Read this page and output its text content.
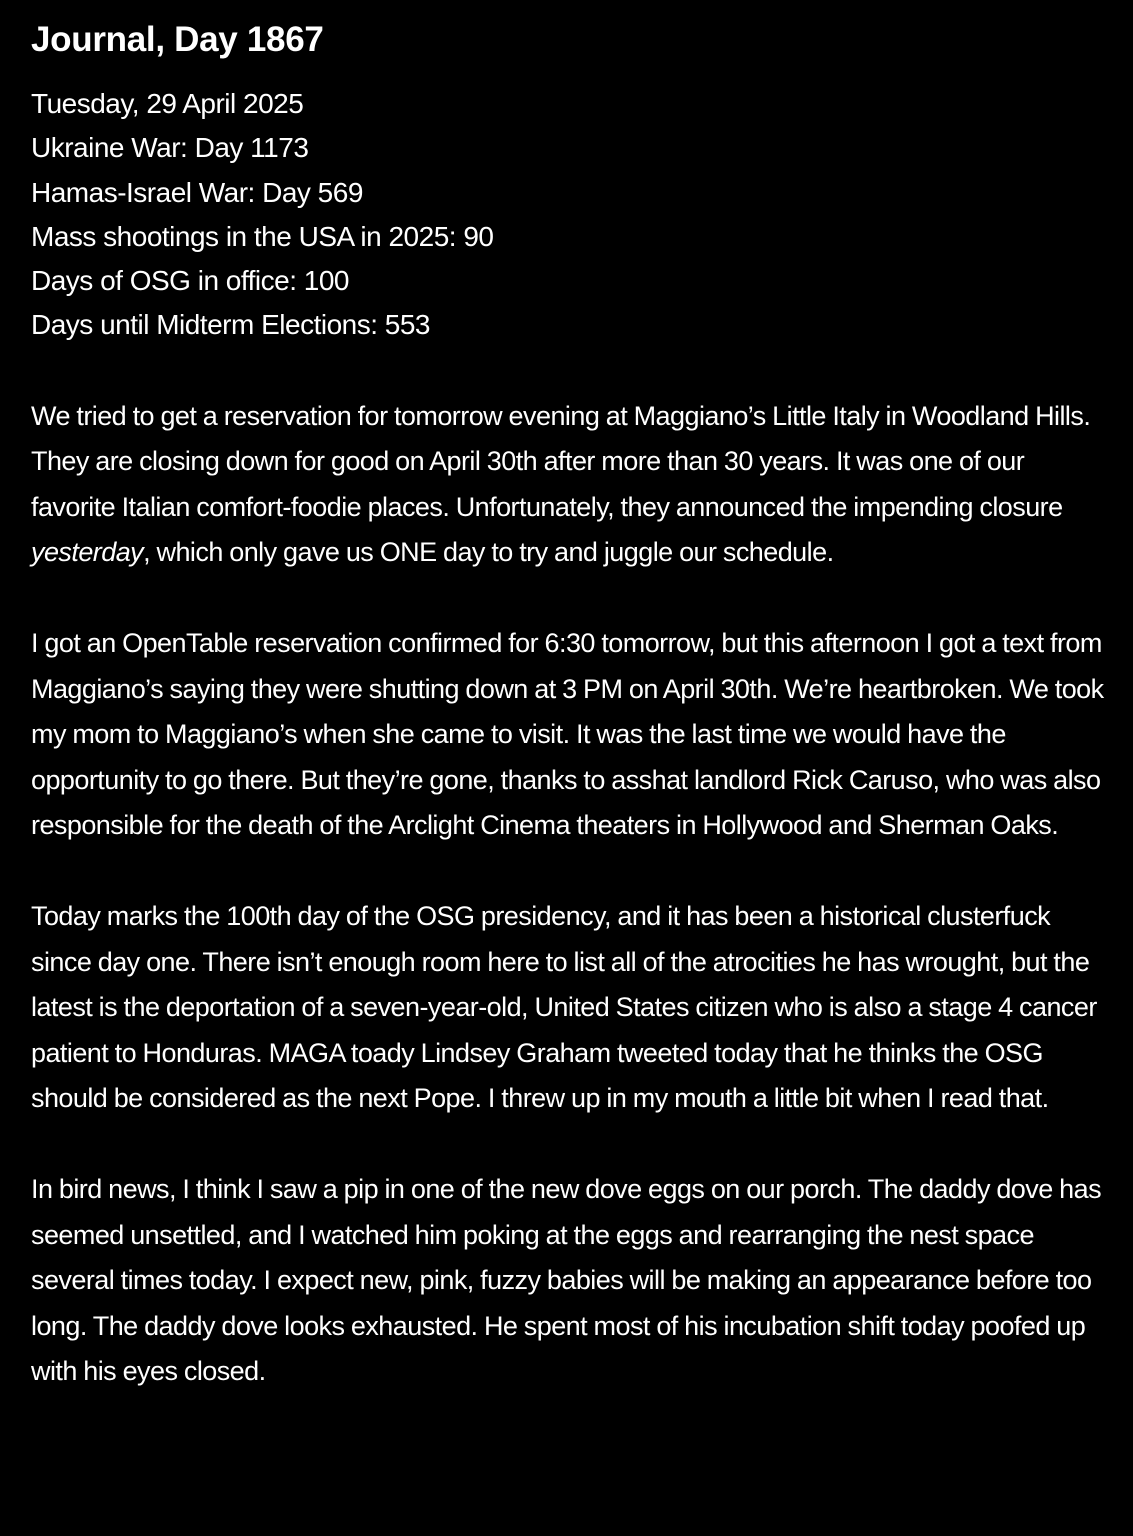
Journal, Day 1867
Tuesday, 29 April 2025
Ukraine War: Day 1173
Hamas-Israel War: Day 569
Mass shootings in the USA in 2025: 90
Days of OSG in office: 100
Days until Midterm Elections: 553

We tried to get a reservation for tomorrow evening at Maggiano’s Little Italy in Woodland Hills. They are closing down for good on April 30th after more than 30 years. It was one of our favorite Italian comfort-foodie places. Unfortunately, they announced the impending closure yesterday, which only gave us ONE day to try and juggle our schedule.

I got an OpenTable reservation confirmed for 6:30 tomorrow, but this afternoon I got a text from Maggiano’s saying they were shutting down at 3 PM on April 30th. We’re heartbroken. We took my mom to Maggiano’s when she came to visit. It was the last time we would have the opportunity to go there. But they’re gone, thanks to asshat landlord Rick Caruso, who was also responsible for the death of the Arclight Cinema theaters in Hollywood and Sherman Oaks.

Today marks the 100th day of the OSG presidency, and it has been a historical clusterfuck since day one. There isn’t enough room here to list all of the atrocities he has wrought, but the latest is the deportation of a seven-year-old, United States citizen who is also a stage 4 cancer patient to Honduras. MAGA toady Lindsey Graham tweeted today that he thinks the OSG should be considered as the next Pope. I threw up in my mouth a little bit when I read that.

In bird news, I think I saw a pip in one of the new dove eggs on our porch. The daddy dove has seemed unsettled, and I watched him poking at the eggs and rearranging the nest space several times today. I expect new, pink, fuzzy babies will be making an appearance before too long. The daddy dove looks exhausted. He spent most of his incubation shift today poofed up with his eyes closed.
